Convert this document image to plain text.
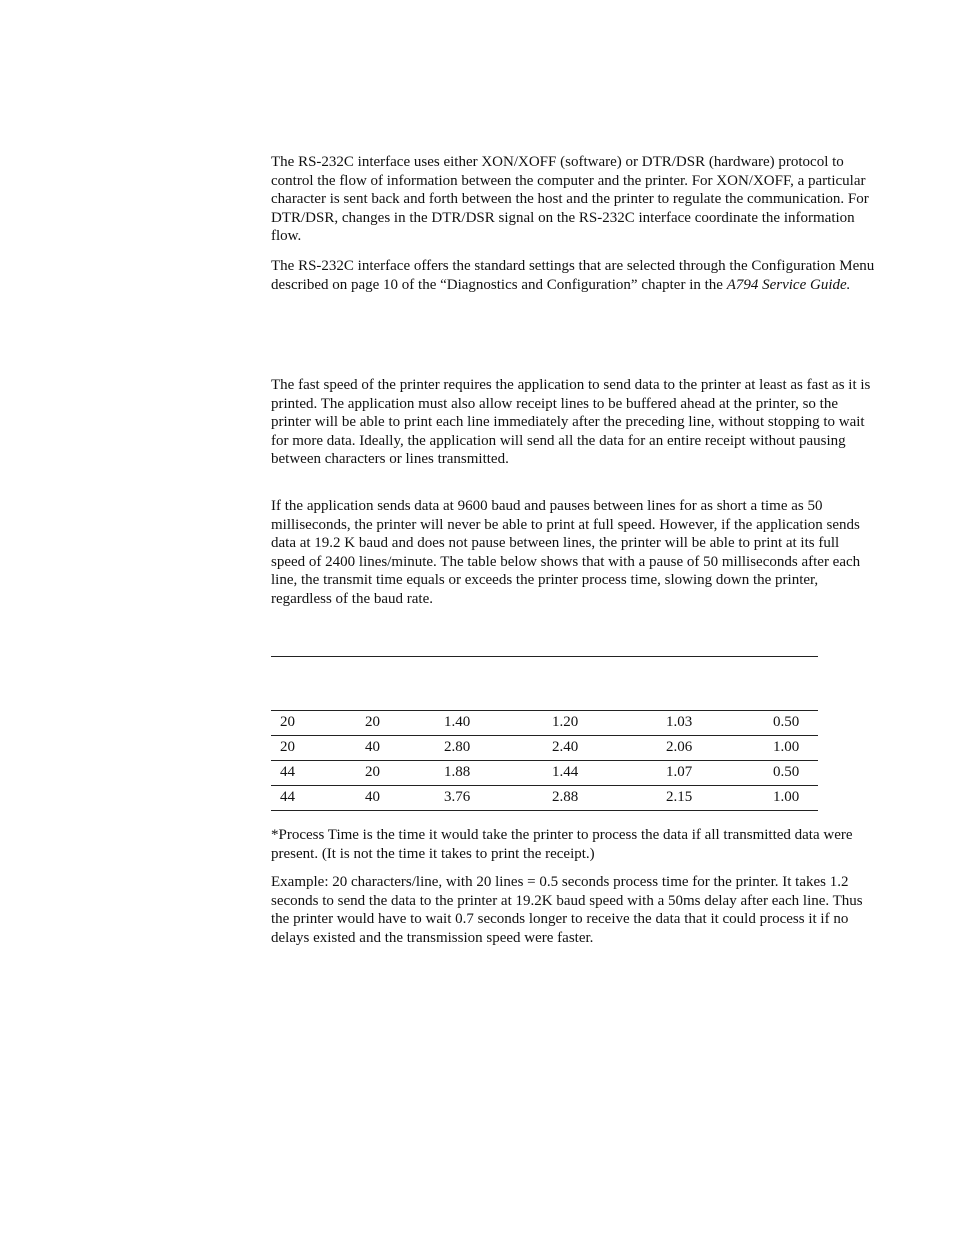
The RS-232C interface uses either XON/XOFF (software) or DTR/DSR (hardware) protocol to control the flow of information between the computer and the printer. For XON/XOFF, a particular character is sent back and forth between the host and the printer to regulate the communication. For DTR/DSR, changes in the DTR/DSR signal on the RS-232C interface coordinate the information flow.

The RS-232C interface offers the standard settings that are selected through the Configuration Menu described on page 10 of the “Diagnostics and Configuration” chapter in the A794 Service Guide.

The fast speed of the printer requires the application to send data to the printer at least as fast as it is printed. The application must also allow receipt lines to be buffered ahead at the printer, so the printer will be able to print each line immediately after the preceding line, without stopping to wait for more data. Ideally, the application will send all the data for an entire receipt without pausing between characters or lines transmitted.

If the application sends data at 9600 baud and pauses between lines for as short a time as 50 milliseconds, the printer will never be able to print at full speed. However, if the application sends data at 19.2 K baud and does not pause between lines, the printer will be able to print at its full speed of 2400 lines/minute. The table below shows that with a pause of 50 milliseconds after each line, the transmit time equals or exceeds the printer process time, slowing down the printer, regardless of the baud rate.

20	20	1.40	1.20	1.03	0.50
20	40	2.80	2.40	2.06	1.00
44	20	1.88	1.44	1.07	0.50
44	40	3.76	2.88	2.15	1.00

*Process Time is the time it would take the printer to process the data if all transmitted data were present. (It is not the time it takes to print the receipt.)

Example: 20 characters/line, with 20 lines = 0.5 seconds process time for the printer. It takes 1.2 seconds to send the data to the printer at 19.2K baud speed with a 50ms delay after each line. Thus the printer would have to wait 0.7 seconds longer to receive the data that it could process it if no delays existed and the transmission speed were faster.
